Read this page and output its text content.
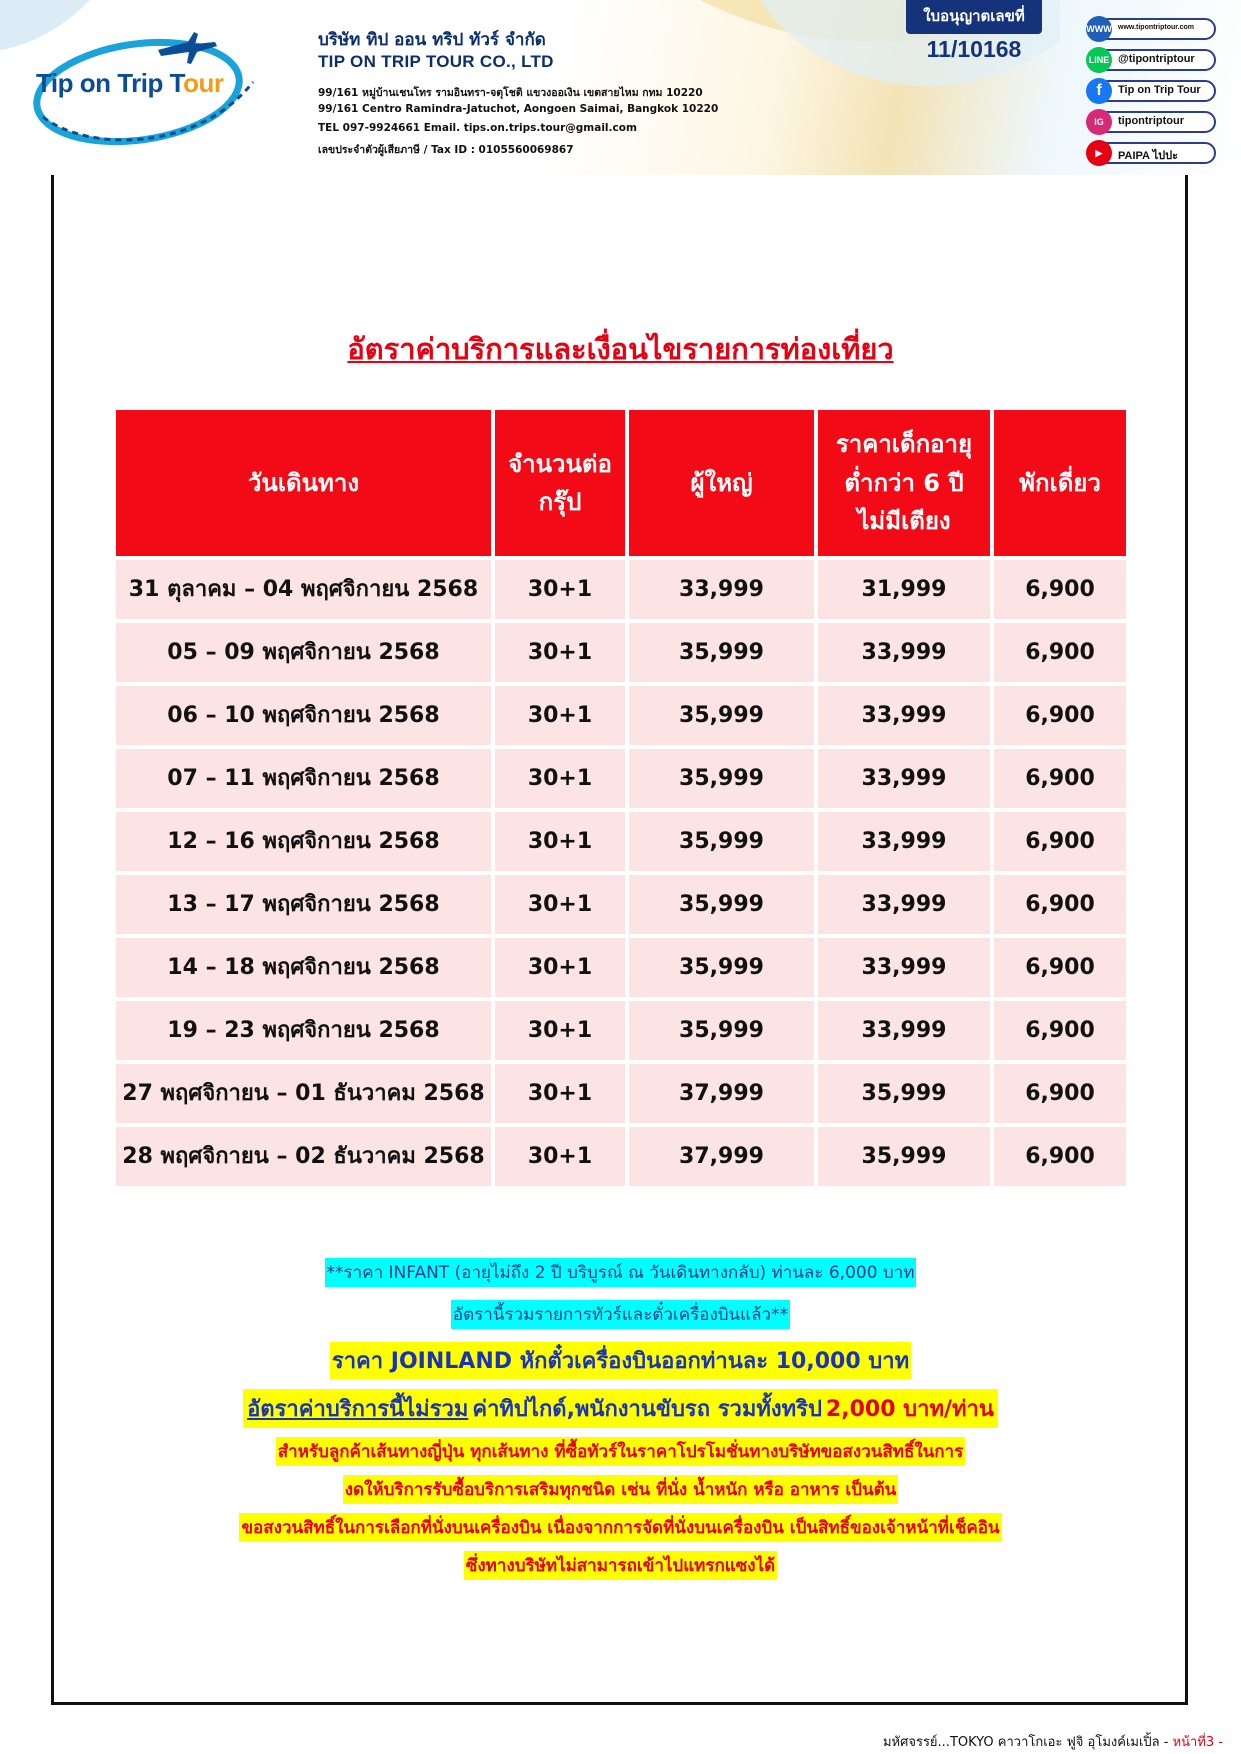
Tip on Trip Tour
บริษัท ทิป ออน ทริป ทัวร์ จำกัด
TIP ON TRIP TOUR CO., LTD
99/161 หมู่บ้านเชนโทร รามอินทรา-จตุโชติ แขวงออเงิน เขตสายไหม กทม 10220
99/161 Centro Ramindra-Jatuchot, Aongoen Saimai, Bangkok 10220
TEL 097-9924661 Email. tips.on.trips.tour@gmail.com
เลขประจำตัวผู้เสียภาษี / Tax ID : 0105560069867
ใบอนุญาตเลขที่
11/10168
WWW www.tipontriptour.com
LINE @tipontriptour
f	Tip on Trip Tour
IG	tipontriptour
▶	PAIPA ไปปะ
อัตราค่าบริการและเงื่อนไขรายการท่องเที่ยว
วันเดินทาง	จำนวนต่อกรุ๊ป	ผู้ใหญ่	ราคาเด็กอายุต่ำกว่า 6 ปี ไม่มีเตียง	พักเดี่ยว
31 ตุลาคม – 04 พฤศจิกายน 2568	30+1	33,999	31,999	6,900
05 – 09 พฤศจิกายน 2568	30+1	35,999	33,999	6,900
06 – 10 พฤศจิกายน 2568	30+1	35,999	33,999	6,900
07 – 11 พฤศจิกายน 2568	30+1	35,999	33,999	6,900
12 – 16 พฤศจิกายน 2568	30+1	35,999	33,999	6,900
13 – 17 พฤศจิกายน 2568	30+1	35,999	33,999	6,900
14 – 18 พฤศจิกายน 2568	30+1	35,999	33,999	6,900
19 – 23 พฤศจิกายน 2568	30+1	35,999	33,999	6,900
27 พฤศจิกายน – 01 ธันวาคม 2568	30+1	37,999	35,999	6,900
28 พฤศจิกายน – 02 ธันวาคม 2568	30+1	37,999	35,999	6,900
**ราคา INFANT (อายุไม่ถึง 2 ปี บริบูรณ์ ณ วันเดินทางกลับ) ท่านละ 6,000 บาท
อัตรานี้รวมรายการทัวร์และตั๋วเครื่องบินแล้ว**
ราคา JOINLAND หักตั๋วเครื่องบินออกท่านละ 10,000 บาท
อัตราค่าบริการนี้ไม่รวมค่าทิปไกด์,พนักงานขับรถ รวมทั้งทริป2,000 บาท/ท่าน
สำหรับลูกค้าเส้นทางญี่ปุ่น ทุกเส้นทาง ที่ซื้อทัวร์ในราคาโปรโมชั่นทางบริษัทขอสงวนสิทธิ์ในการ
งดให้บริการรับซื้อบริการเสริมทุกชนิด เช่น ที่นั่ง น้ำหนัก หรือ อาหาร เป็นต้น
ขอสงวนสิทธิ์ในการเลือกที่นั่งบนเครื่องบิน เนื่องจากการจัดที่นั่งบนเครื่องบิน เป็นสิทธิ์ของเจ้าหน้าที่เช็คอิน
ซึ่งทางบริษัทไม่สามารถเข้าไปแทรกแซงได้
มหัศจรรย์...TOKYO คาวาโกเอะ ฟูจิ อุโมงค์เมเปิ้ล - หน้าที่3 -
